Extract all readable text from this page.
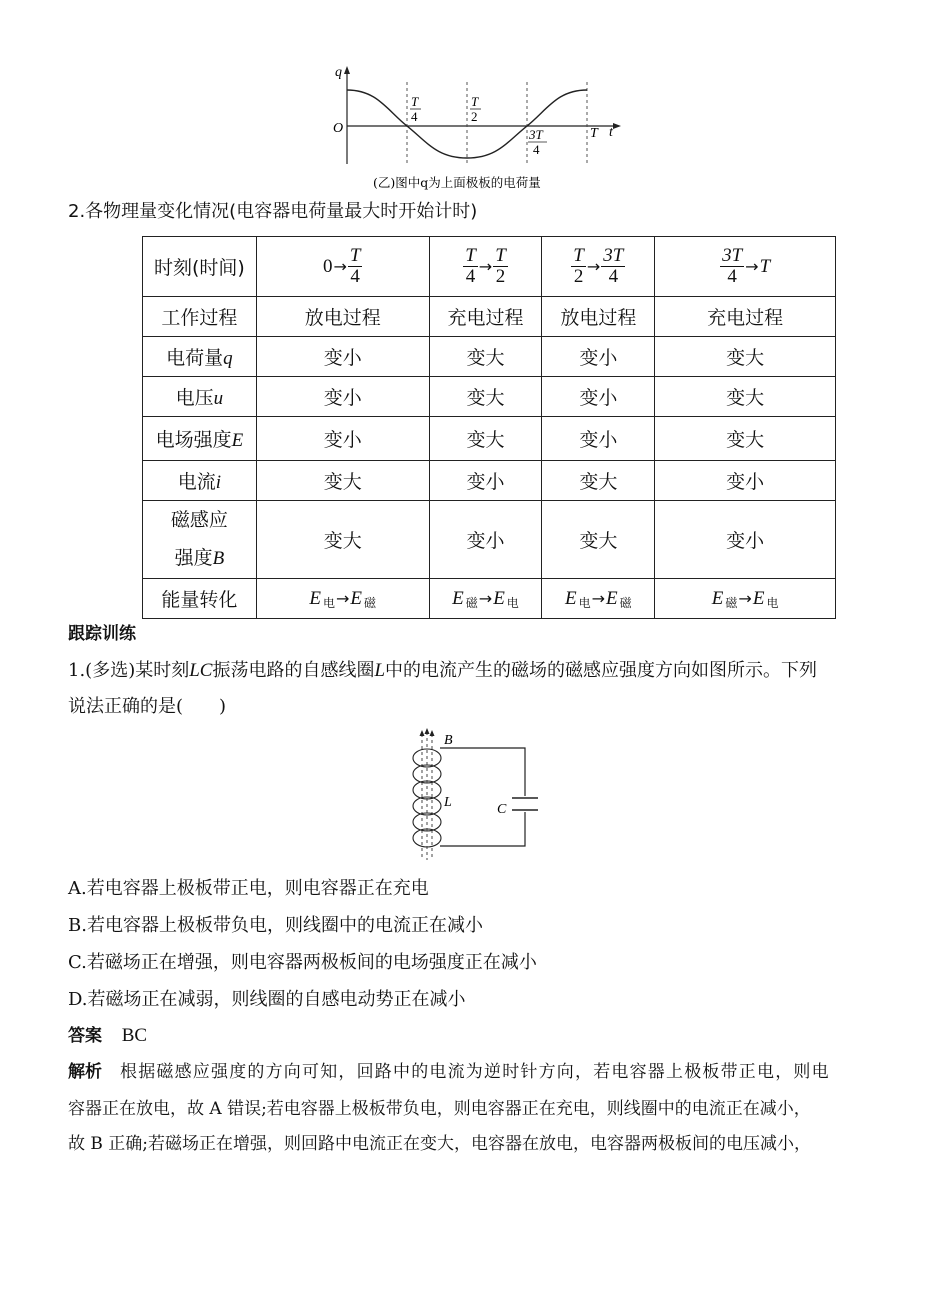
q
t
O
T
4
T
2
3T
4
T
(乙)图中q为上面极板的电荷量
2.各物理量变化情况(电容器电荷量最大时开始计时)
时刻(时间)	$0\to \frac{T}{4}$	$\frac{T}{4} \to \frac{T}{2}$	$\frac{T}{2} \to \frac{3T}{4}$	$\frac{3T}{4} \to T$
工作过程	放电过程	充电过程	放电过程	充电过程
电荷量q	变小	变大	变小	变大
电压u	变小	变大	变小	变大
电场强度E	变小	变大	变小	变大
电流i	变大	变小	变大	变小
磁感应
强度B	变大	变小	变大	变小
能量转化	E $_电$→E $_磁$	E $_磁$→E $_电$	E $_电$→E $_磁$	E $_磁$→E $_电$
跟踪训练
1.(多选)某时刻LC振荡电路的自感线圈L中的电流产生的磁场的磁感应强度方向如图所示。下列
说法正确的是(　　)
B
L	C
A.若电容器上极板带正电，则电容器正在充电
B.若电容器上极板带负电，则线圈中的电流正在减小
C.若磁场正在增强，则电容器两极板间的电场强度正在减小
D.若磁场正在减弱，则线圈的自感电动势正在减小
答案 BC
解析 根据磁感应强度的方向可知，回路中的电流为逆时针方向，若电容器上极板带正电，则电
容器正在放电，故 A 错误;若电容器上极板带负电，则电容器正在充电，则线圈中的电流正在减小，
故 B 正确;若磁场正在增强，则回路中电流正在变大，电容器在放电，电容器两极板间的电压减小，
